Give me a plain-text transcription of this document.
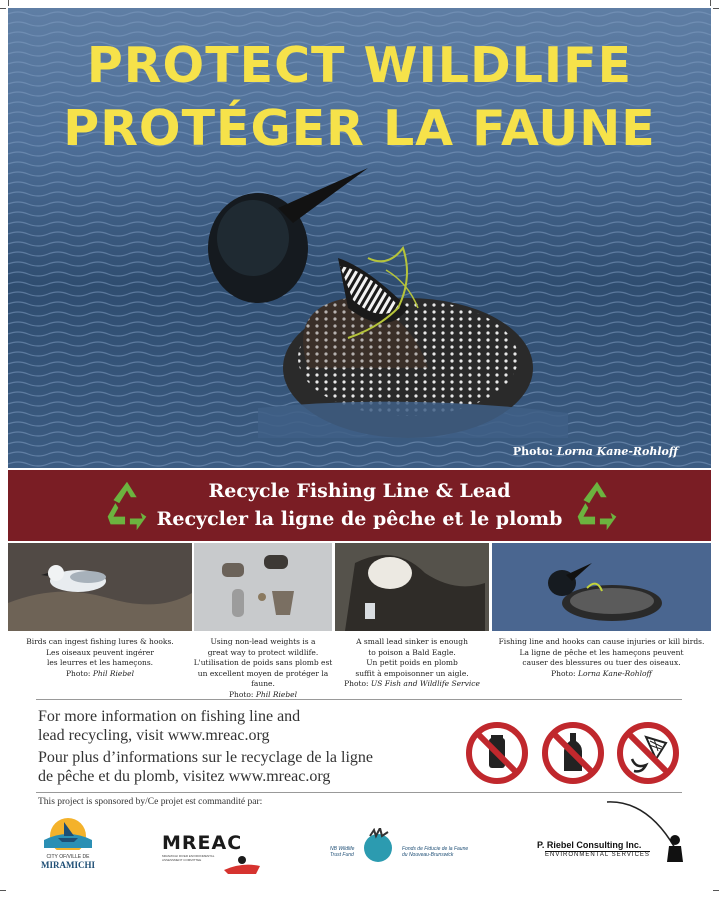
PROTECT WILDLIFE
PROTÉGER LA FAUNE
Photo: Lorna Kane-Rohloff
Recycle Fishing Line & Lead
Recycler la ligne de pêche et le plomb
Birds can ingest fishing lures & hooks.
Les oiseaux peuvent ingérer
les leurres et les hameçons.
Photo: Phil Riebel
Using non-lead weights is a
great way to protect wildlife.
L'utilisation de poids sans plomb est
un excellent moyen de protéger la faune.
Photo: Phil Riebel
A small lead sinker is enough
to poison a Bald Eagle.
Un petit poids en plomb
suffit à empoisonner un aigle.
Photo: US Fish and Wildlife Service
Fishing line and hooks can cause injuries or kill birds.
La ligne de pêche et les hameçons peuvent
causer des blessures ou tuer des oiseaux.
Photo: Lorna Kane-Rohloff
For more information on fishing line and
lead recycling, visit www.mreac.org
Pour plus d’informations sur le recyclage de la ligne
de pêche et du plomb, visitez www.mreac.org
This project is sponsored by/Ce projet est commandité par:
CITY OF/VILLE DE
MIRAMICHI
MREAC
MIRAMICHI RIVER ENVIRONMENTAL ASSESSMENT COMMITTEE
NB Wildlife
Trust Fund
Fonds de Fiducie de la Faune
du Nouveau-Brunswick
P. Riebel Consulting Inc.
ENVIRONMENTAL SERVICES
